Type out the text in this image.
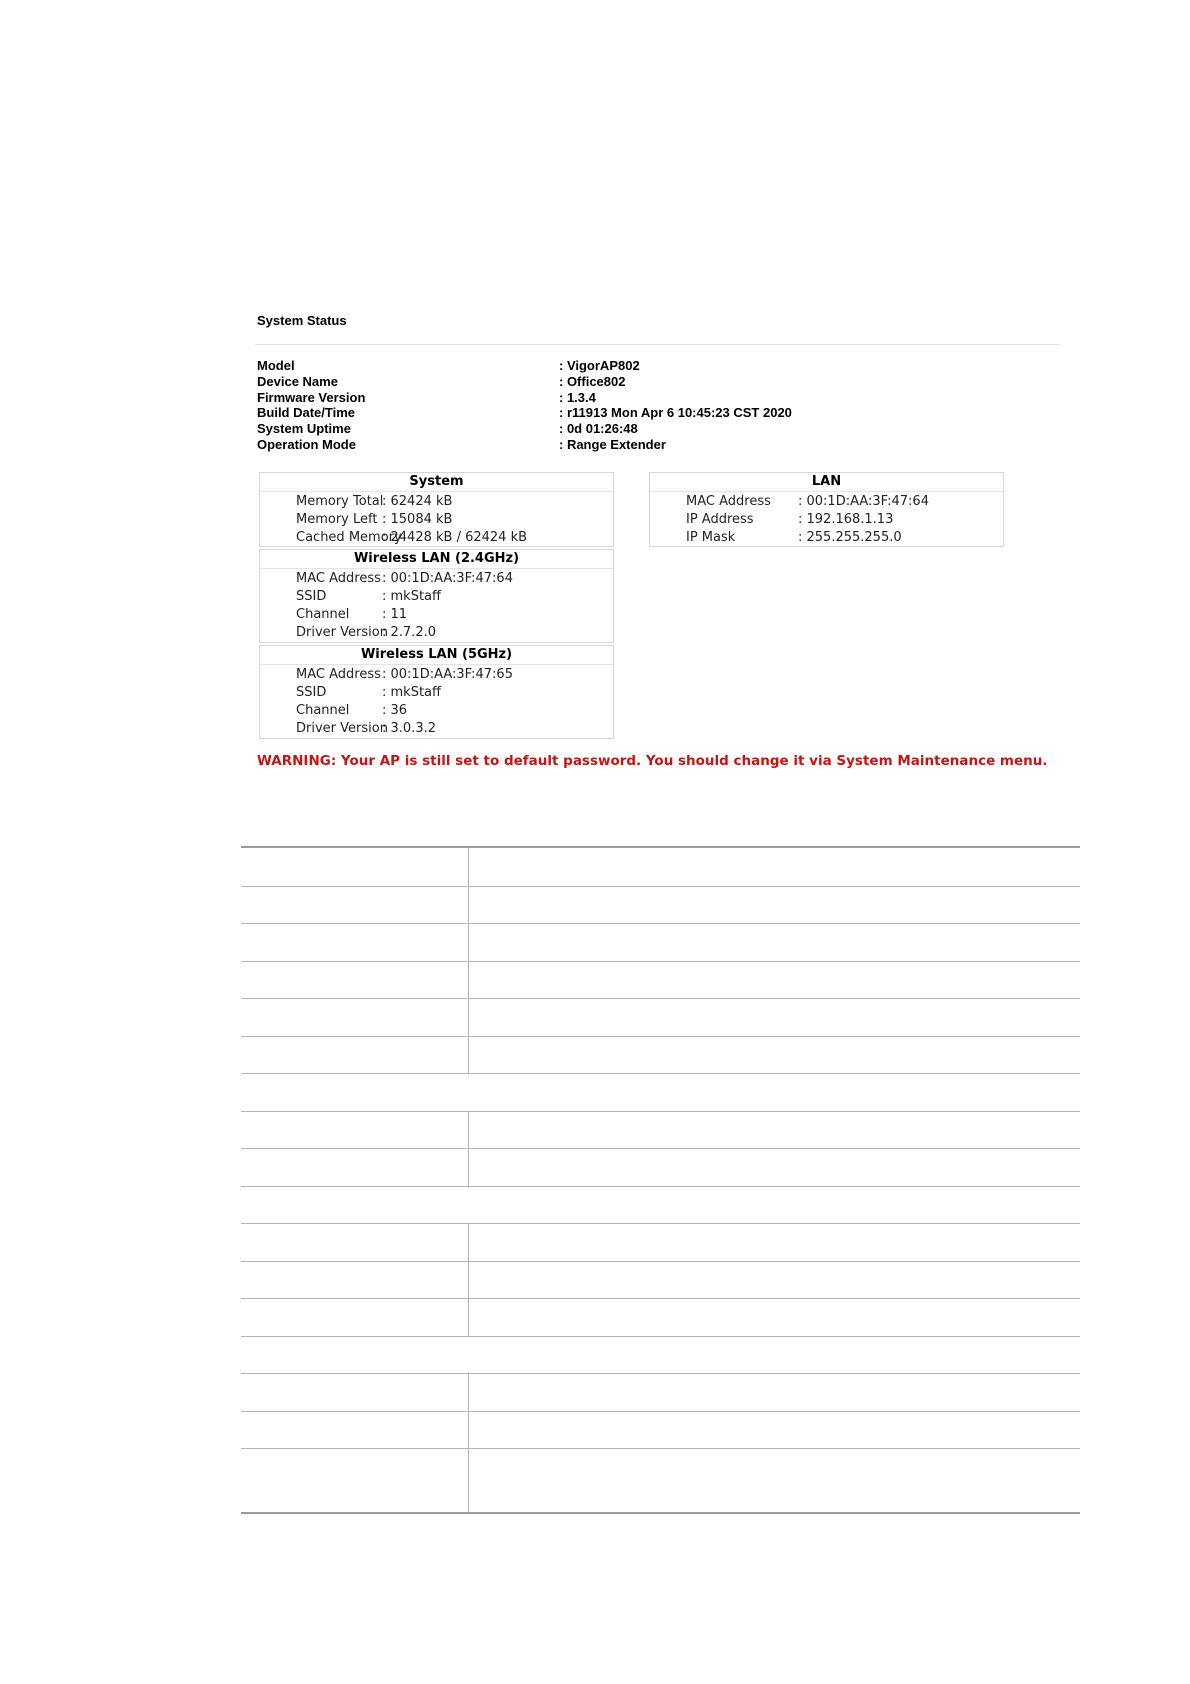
System Status
Model	: VigorAP802
Device Name	: Office802
Firmware Version	: 1.3.4
Build Date/Time	: r11913 Mon Apr 6 10:45:23 CST 2020
System Uptime	: 0d 01:26:48
Operation Mode	: Range Extender
System
Memory Total
: 62424 kB
Memory Left : 15084 kB
Cached Memory
: 24428 kB / 62424 kB
Wireless LAN (2.4GHz)
MAC Address : 00:1D:AA:3F:47:64
SSID	: mkStaff
Channel	: 11
Driver Version
: 2.7.2.0
Wireless LAN (5GHz)
MAC Address : 00:1D:AA:3F:47:65
SSID	: mkStaff
Channel	: 36
Driver Version
: 3.0.3.2
LAN
MAC Address	: 00:1D:AA:3F:47:64
IP Address	: 192.168.1.13
IP Mask	: 255.255.255.0
WARNING: Your AP is still set to default password. You should change it via System Maintenance menu.
